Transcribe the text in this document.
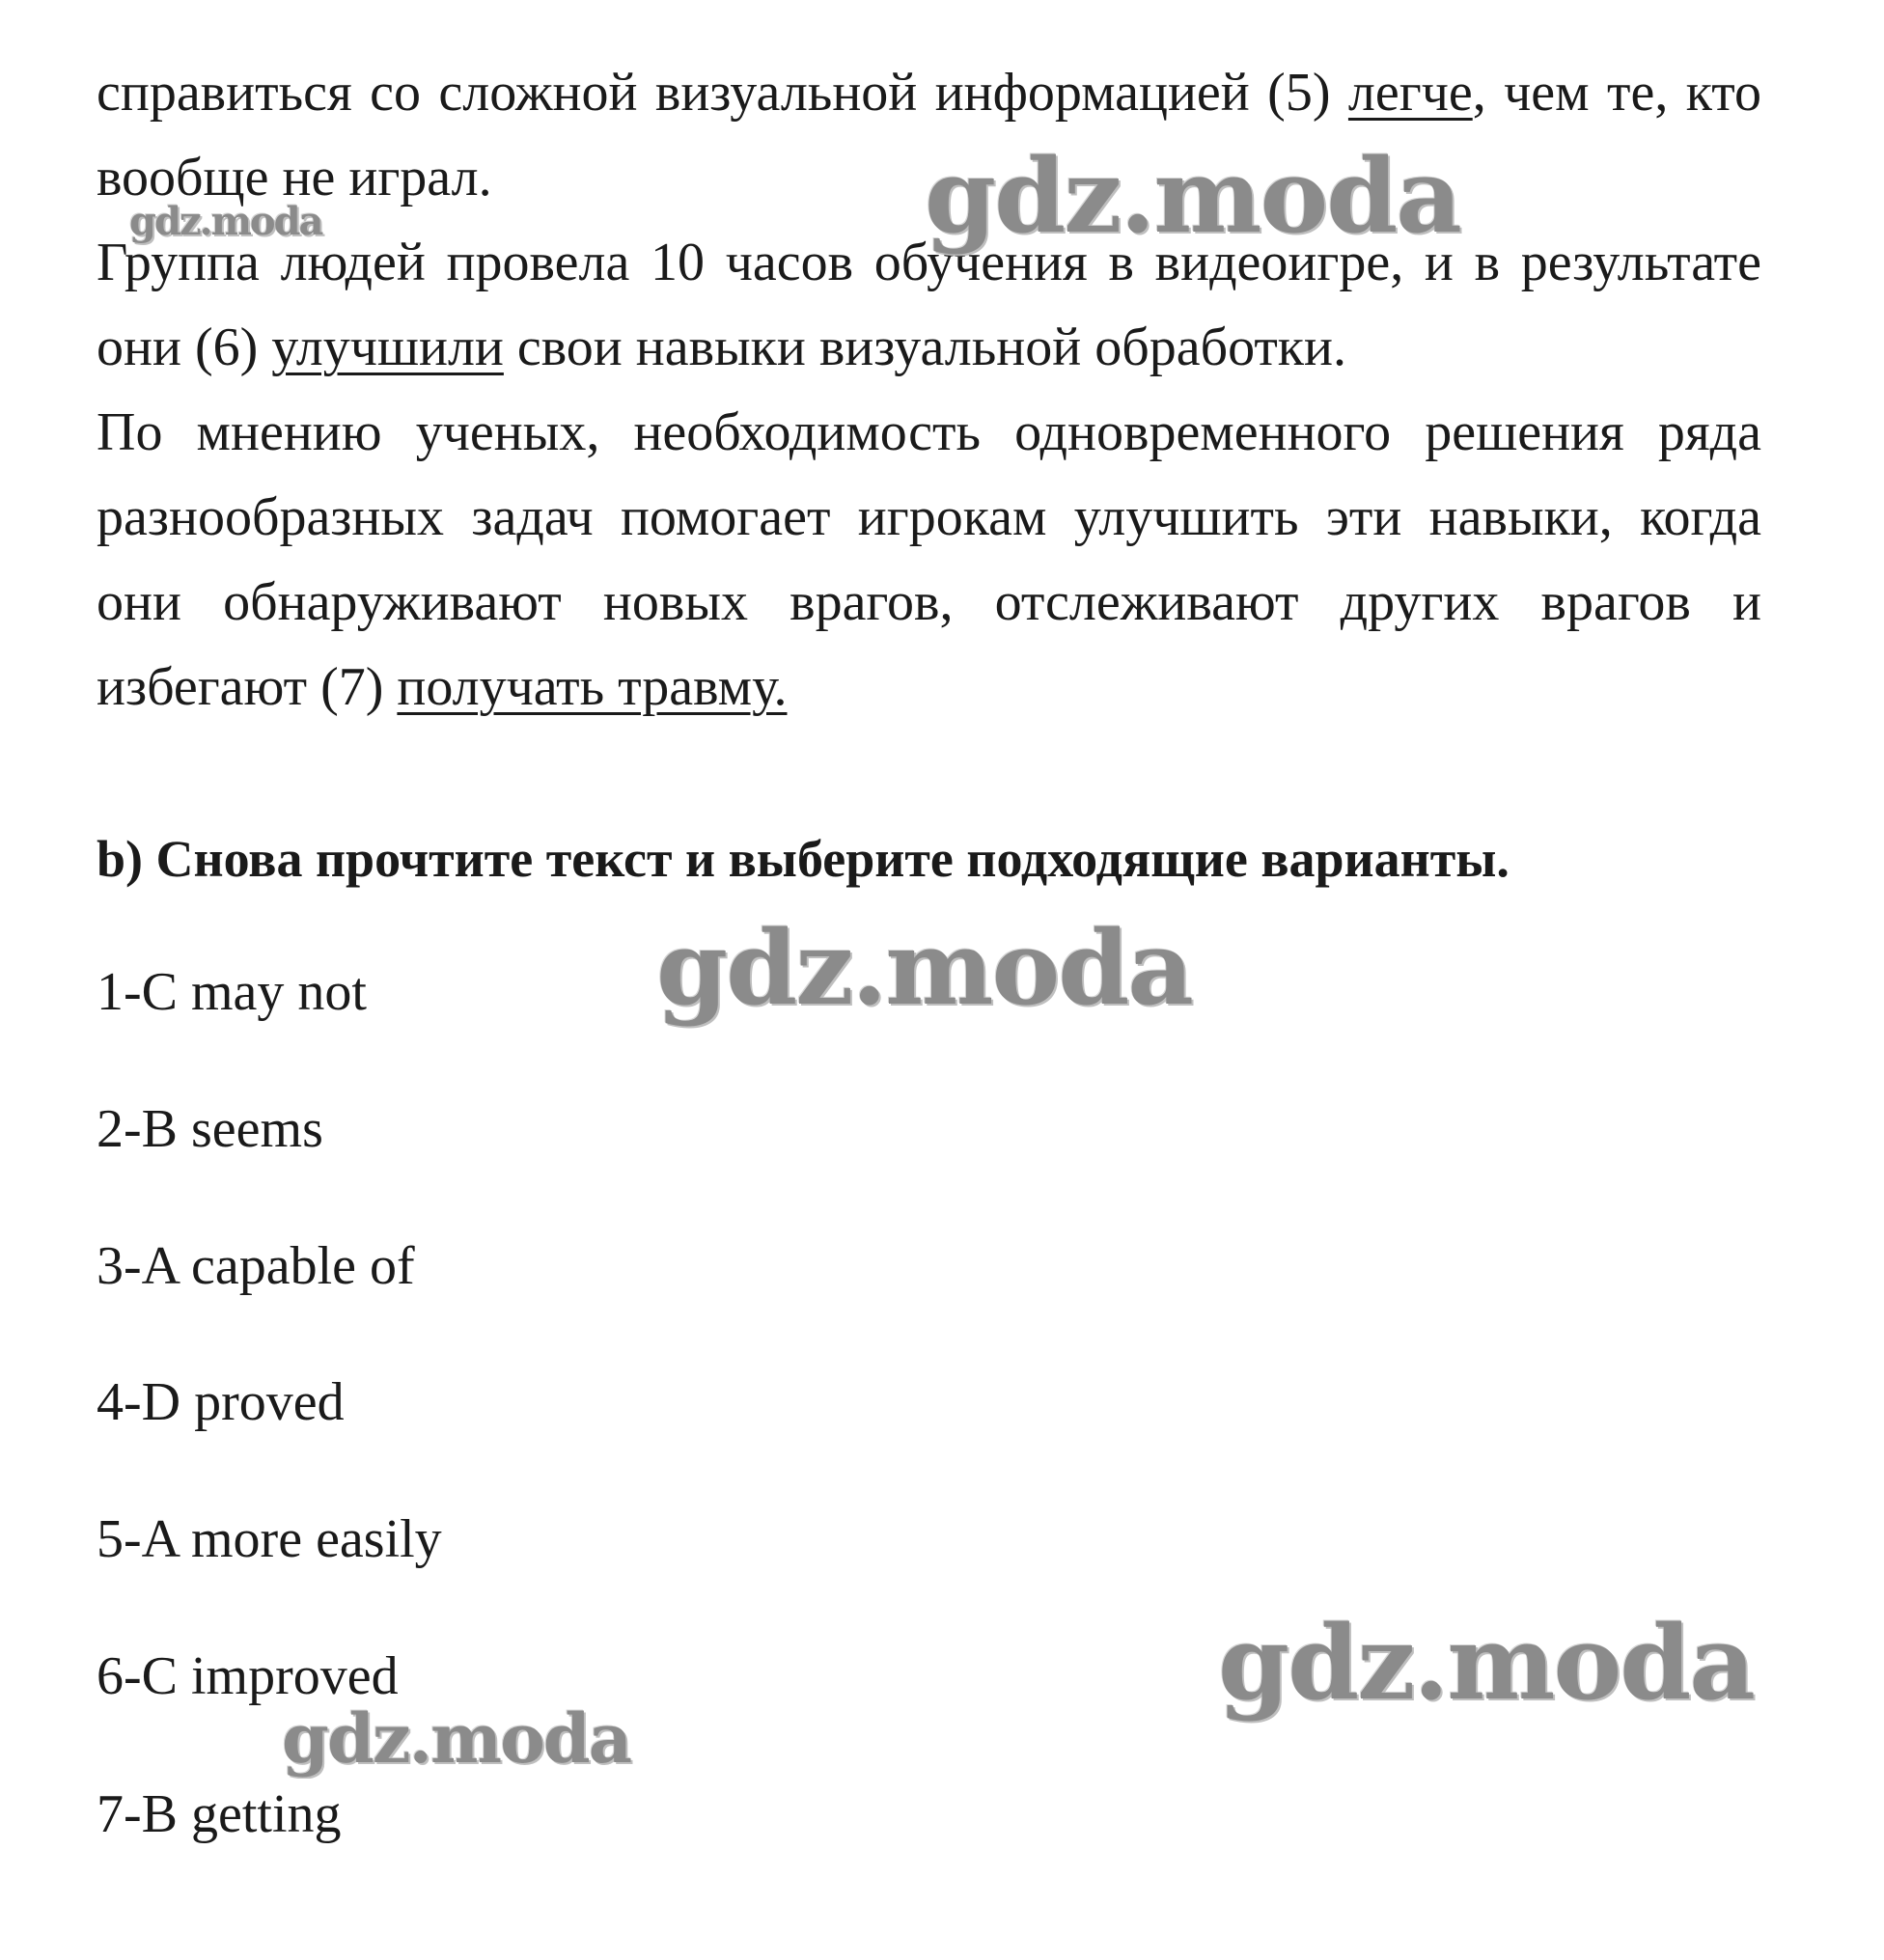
справиться со сложной визуальной информацией (5) легче, чем те, кто вообще не играл.

Группа людей провела 10 часов обучения в видеоигре, и в результате они (6) улучшили свои навыки визуальной обработки.

По мнению ученых, необходимость одновременного решения ряда разнообразных задач помогает игрокам улучшить эти навыки, когда они обнаруживают новых врагов, отслеживают других врагов и избегают (7) получать травму.

b) Снова прочтите текст и выберите подходящие варианты.

1-C may not

2-B seems

3-A capable of

4-D proved

5-A more easily

6-C improved

7-B getting

gdz.moda
gdz.moda
gdz.moda
gdz.moda
gdz.moda
